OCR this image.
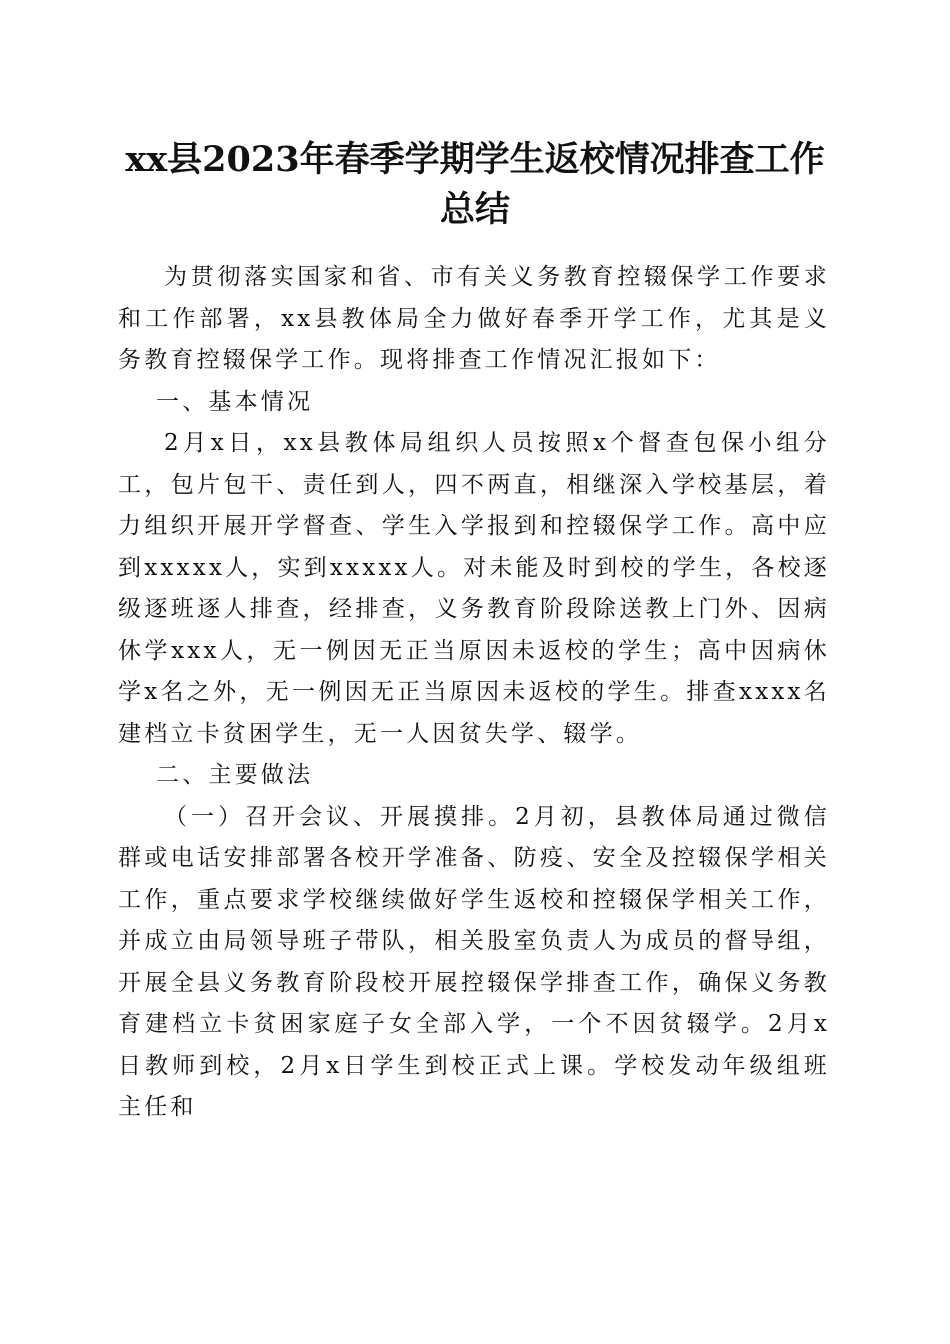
xx县2023年春季学期学生返校情况排查工作
总结

为贯彻落实国家和省、市有关义务教育控辍保学工作要求和工作部署，xx县教体局全力做好春季开学工作，尤其是义务教育控辍保学工作。现将排查工作情况汇报如下：

一、基本情况

2月x日，xx县教体局组织人员按照x个督查包保小组分工，包片包干、责任到人，四不两直，相继深入学校基层，着力组织开展开学督查、学生入学报到和控辍保学工作。高中应到xxxxx人，实到xxxxx人。对未能及时到校的学生，各校逐级逐班逐人排查，经排查，义务教育阶段除送教上门外、因病休学xxx人，无一例因无正当原因未返校的学生；高中因病休学x名之外，无一例因无正当原因未返校的学生。排查xxxx名建档立卡贫困学生，无一人因贫失学、辍学。

二、主要做法

（一）召开会议、开展摸排。2月初，县教体局通过微信群或电话安排部署各校开学准备、防疫、安全及控辍保学相关工作，重点要求学校继续做好学生返校和控辍保学相关工作，并成立由局领导班子带队，相关股室负责人为成员的督导组，开展全县义务教育阶段校开展控辍保学排查工作，确保义务教育建档立卡贫困家庭子女全部入学，一个不因贫辍学。2月x日教师到校，2月x日学生到校正式上课。学校发动年级组班主任和
